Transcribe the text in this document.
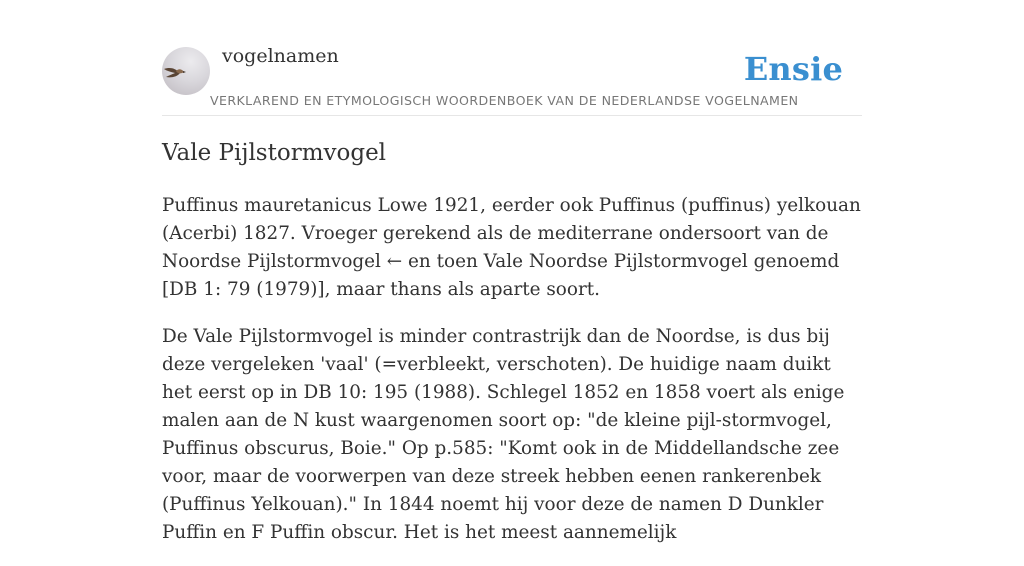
vogelnamen	Ensie
VERKLAREND EN ETYMOLOGISCH WOORDENBOEK VAN DE NEDERLANDSE VOGELNAMEN
Vale Pijlstormvogel

Puffinus mauretanicus Lowe 1921, eerder ook Puffinus (puffinus) yelkouan (Acerbi) 1827. Vroeger gerekend als de mediterrane ondersoort van de Noordse Pijlstormvogel ← en toen Vale Noordse Pijlstormvogel genoemd [DB 1: 79 (1979)], maar thans als aparte soort.

De Vale Pijlstormvogel is minder contrastrijk dan de Noordse, is dus bij deze vergeleken 'vaal' (=verbleekt, verschoten). De huidige naam duikt het eerst op in DB 10: 195 (1988). Schlegel 1852 en 1858 voert als enige malen aan de N kust waargenomen soort op: "de kleine pijl-stormvogel, Puffinus obscurus, Boie." Op p.585: "Komt ook in de Middellandsche zee voor, maar de voorwerpen van deze streek hebben eenen rankerenbek (Puffinus Yelkouan)." In 1844 noemt hij voor deze de namen D Dunkler Puffin en F Puffin obscur. Het is het meest aannemelijk
